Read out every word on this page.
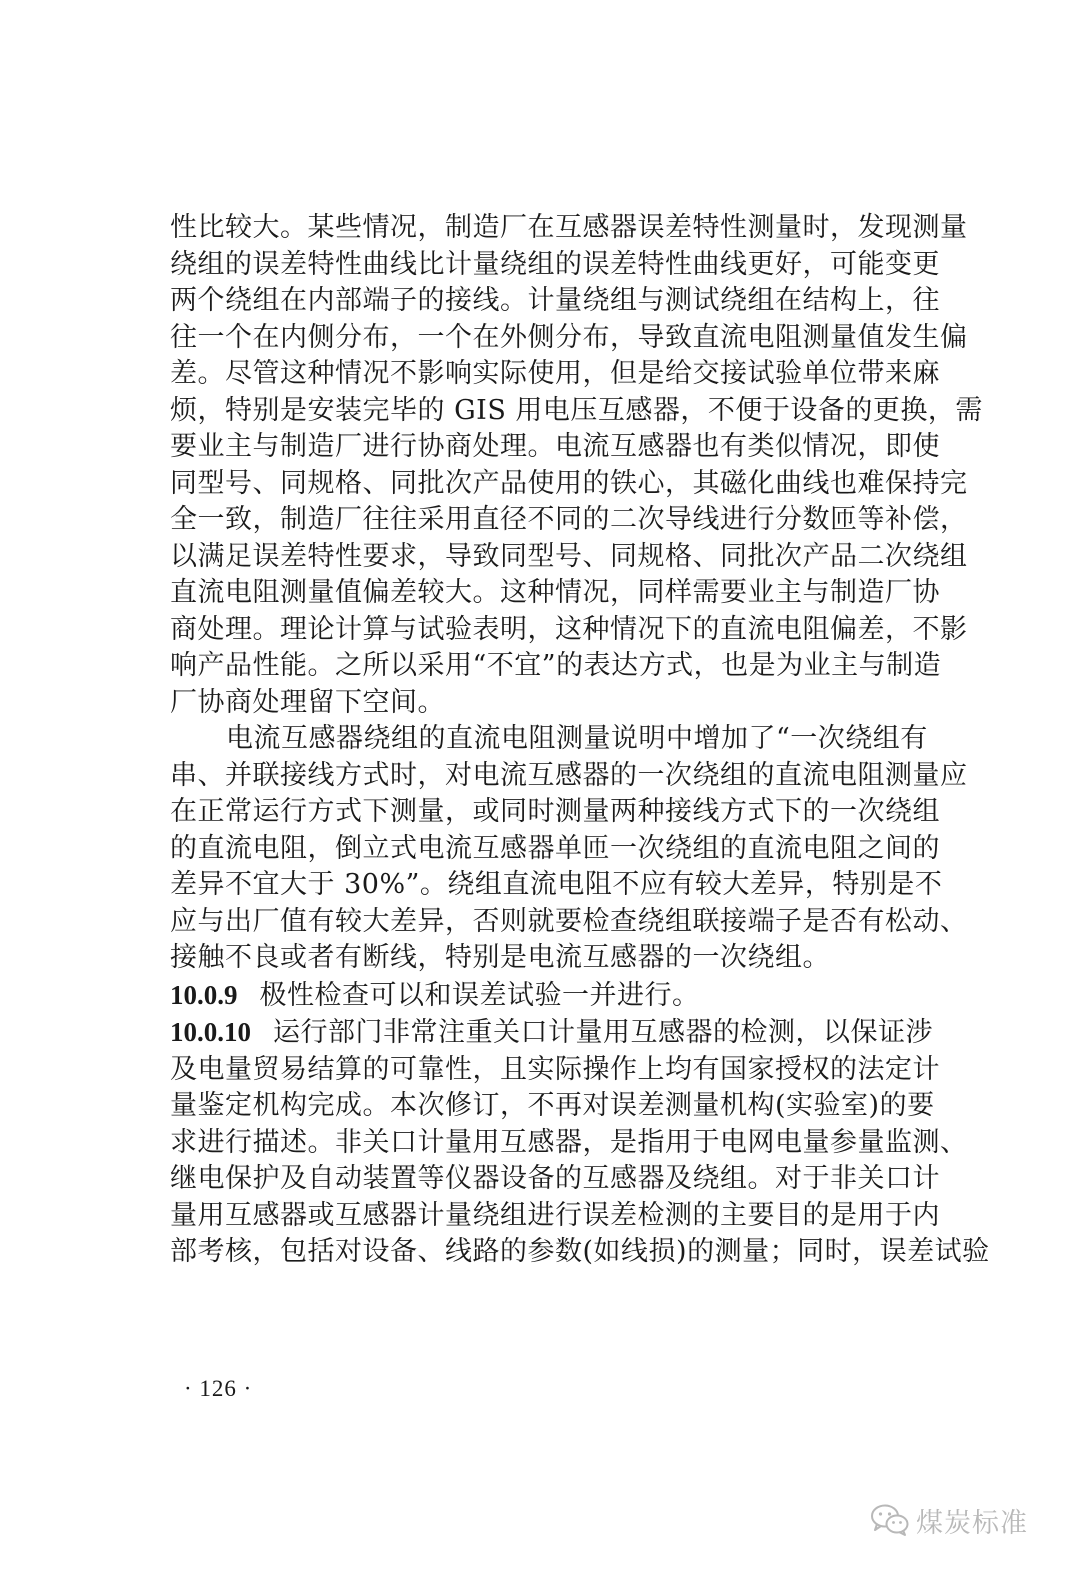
性比较大。某些情况，制造厂在互感器误差特性测量时，发现测量
绕组的误差特性曲线比计量绕组的误差特性曲线更好，可能变更
两个绕组在内部端子的接线。计量绕组与测试绕组在结构上，往
往一个在内侧分布，一个在外侧分布，导致直流电阻测量值发生偏
差。尽管这种情况不影响实际使用，但是给交接试验单位带来麻
烦，特别是安装完毕的 GIS 用电压互感器，不便于设备的更换，需
要业主与制造厂进行协商处理。电流互感器也有类似情况，即使
同型号、同规格、同批次产品使用的铁心，其磁化曲线也难保持完
全一致，制造厂往往采用直径不同的二次导线进行分数匝等补偿，
以满足误差特性要求，导致同型号、同规格、同批次产品二次绕组
直流电阻测量值偏差较大。这种情况，同样需要业主与制造厂协
商处理。理论计算与试验表明，这种情况下的直流电阻偏差，不影
响产品性能。之所以采用“不宜”的表达方式，也是为业主与制造
厂协商处理留下空间。
电流互感器绕组的直流电阻测量说明中增加了“一次绕组有
串、并联接线方式时，对电流互感器的一次绕组的直流电阻测量应
在正常运行方式下测量，或同时测量两种接线方式下的一次绕组
的直流电阻，倒立式电流互感器单匝一次绕组的直流电阻之间的
差异不宜大于 30%”。绕组直流电阻不应有较大差异，特别是不
应与出厂值有较大差异，否则就要检查绕组联接端子是否有松动、
接触不良或者有断线，特别是电流互感器的一次绕组。
10.0.9 极性检查可以和误差试验一并进行。
10.0.10 运行部门非常注重关口计量用互感器的检测，以保证涉
及电量贸易结算的可靠性，且实际操作上均有国家授权的法定计
量鉴定机构完成。本次修订，不再对误差测量机构(实验室)的要
求进行描述。非关口计量用互感器，是指用于电网电量参量监测、
继电保护及自动装置等仪器设备的互感器及绕组。对于非关口计
量用互感器或互感器计量绕组进行误差检测的主要目的是用于内
部考核，包括对设备、线路的参数(如线损)的测量；同时，误差试验
· 126 ·
煤炭标准
